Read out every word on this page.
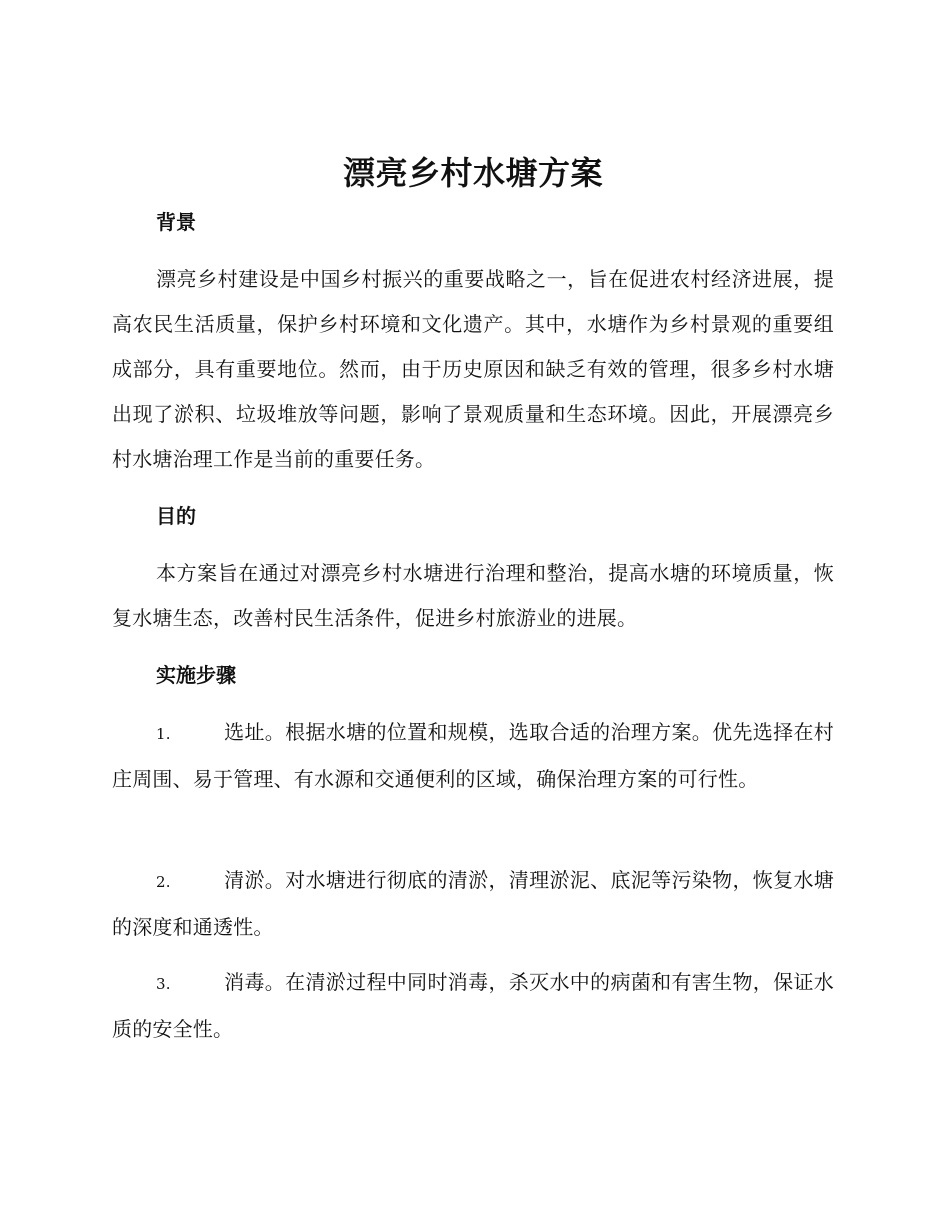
漂亮乡村水塘方案
背景

漂亮乡村建设是中国乡村振兴的重要战略之一，旨在促进农村经济进展，提高农民生活质量，保护乡村环境和文化遗产。其中，水塘作为乡村景观的重要组成部分，具有重要地位。然而，由于历史原因和缺乏有效的管理，很多乡村水塘出现了淤积、垃圾堆放等问题，影响了景观质量和生态环境。因此，开展漂亮乡村水塘治理工作是当前的重要任务。

目的

本方案旨在通过对漂亮乡村水塘进行治理和整治，提高水塘的环境质量，恢复水塘生态，改善村民生活条件，促进乡村旅游业的进展。

实施步骤

1.	选址。根据水塘的位置和规模，选取合适的治理方案。优先选择在村庄周围、易于管理、有水源和交通便利的区域，确保治理方案的可行性。

2.	清淤。对水塘进行彻底的清淤，清理淤泥、底泥等污染物，恢复水塘的深度和通透性。

3.	消毒。在清淤过程中同时消毒，杀灭水中的病菌和有害生物，保证水质的安全性。
